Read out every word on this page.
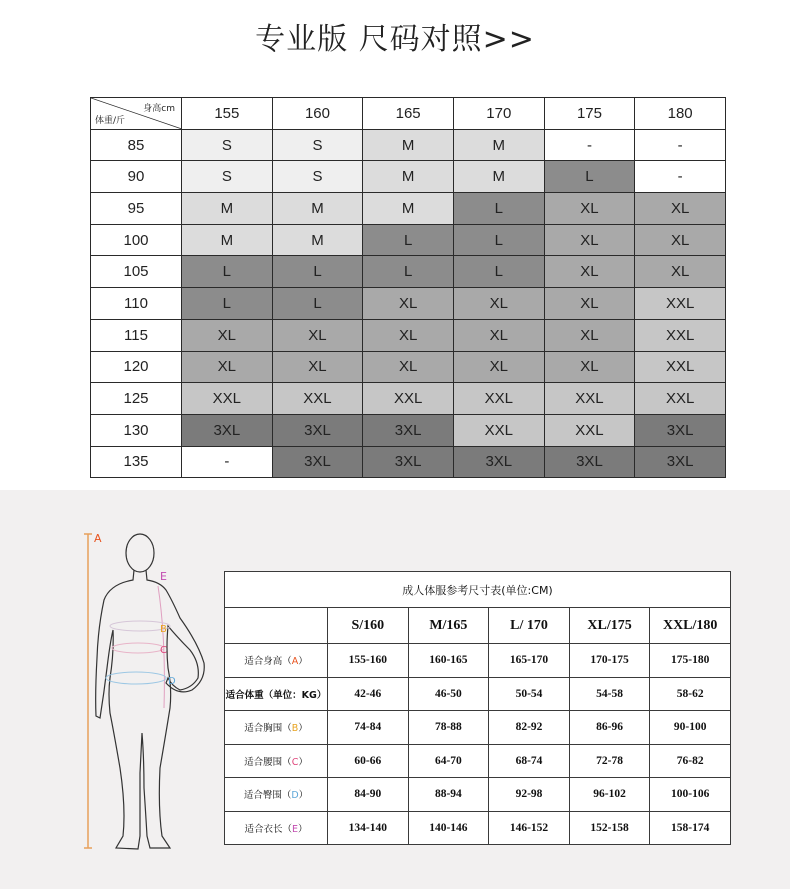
专业版 尺码对照>>
身高cm
体重/斤	155	160	165	170	175	180
85	S	S	M	M	-	-
90	S	S	M	M	L	-
95	M	M	M	L	XL	XL
100	M	M	L	L	XL	XL
105	L	L	L	L	XL	XL
110	L	L	XL	XL	XL	XXL
115	XL	XL	XL	XL	XL	XXL
120	XL	XL	XL	XL	XL	XXL
125	XXL	XXL	XXL	XXL	XXL	XXL
130	3XL	3XL	3XL	XXL	XXL	3XL
135	-	3XL	3XL	3XL	3XL	3XL
A
E
B
C
D
成人体服参考尺寸表(单位:CM)					
	S/160	M/165	L/ 170	XL/175	XXL/180
适合身高（A）	155-160	160-165	165-170	170-175	175-180
适合体重（单位：KG）	42-46	46-50	50-54	54-58	58-62
适合胸围（B）	74-84	78-88	82-92	86-96	90-100
适合腰围（C）	60-66	64-70	68-74	72-78	76-82
适合臀围（D）	84-90	88-94	92-98	96-102	100-106
适合衣长（E）	134-140	140-146	146-152	152-158	158-174
